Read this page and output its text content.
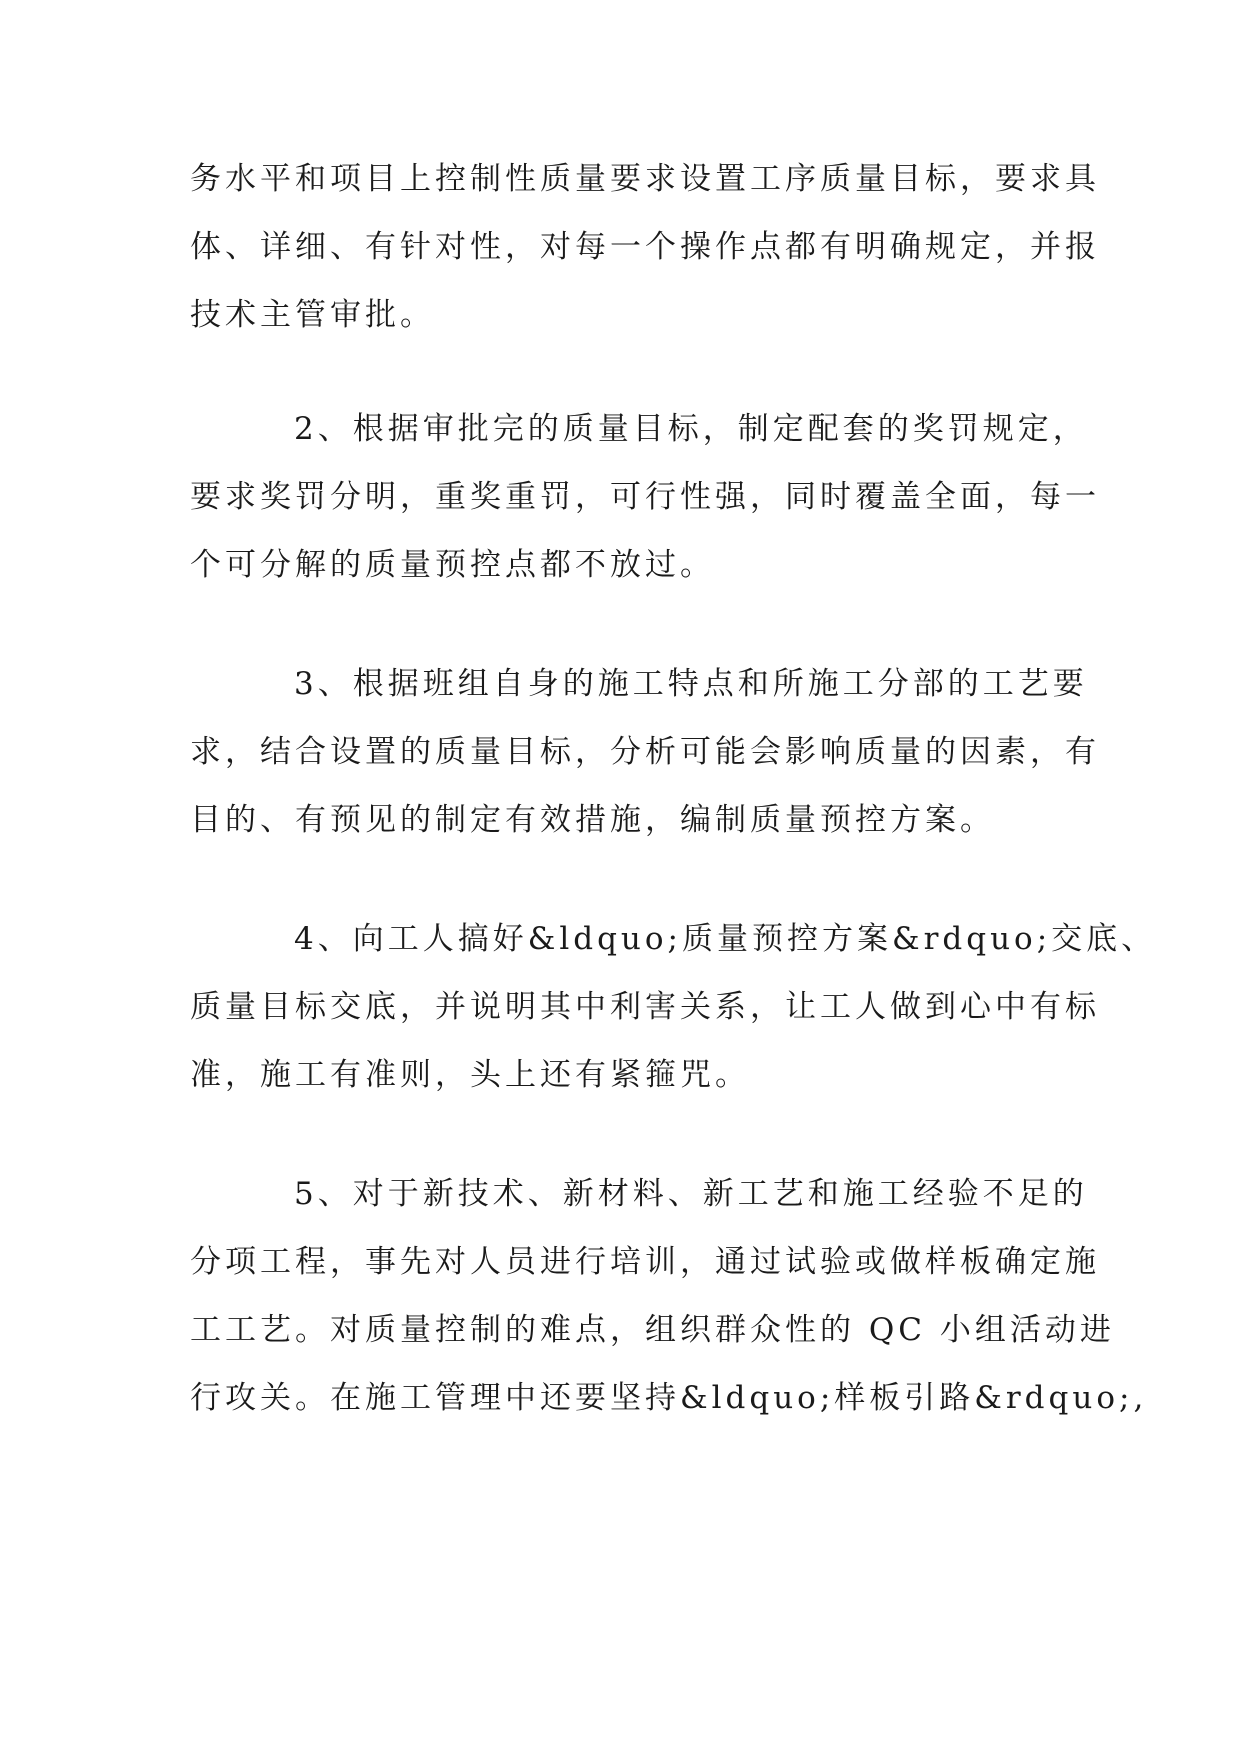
务水平和项目上控制性质量要求设置工序质量目标，要求具
体、详细、有针对性，对每一个操作点都有明确规定，并报
技术主管审批。
2、根据审批完的质量目标，制定配套的奖罚规定，
要求奖罚分明，重奖重罚，可行性强，同时覆盖全面，每一
个可分解的质量预控点都不放过。
3、根据班组自身的施工特点和所施工分部的工艺要
求，结合设置的质量目标，分析可能会影响质量的因素，有
目的、有预见的制定有效措施，编制质量预控方案。
4、向工人搞好&ldquo;质量预控方案&rdquo;交底、
质量目标交底，并说明其中利害关系，让工人做到心中有标
准，施工有准则，头上还有紧箍咒。
5、对于新技术、新材料、新工艺和施工经验不足的
分项工程，事先对人员进行培训，通过试验或做样板确定施
工工艺。对质量控制的难点，组织群众性的 QC 小组活动进
行攻关。在施工管理中还要坚持&ldquo;样板引路&rdquo;,
